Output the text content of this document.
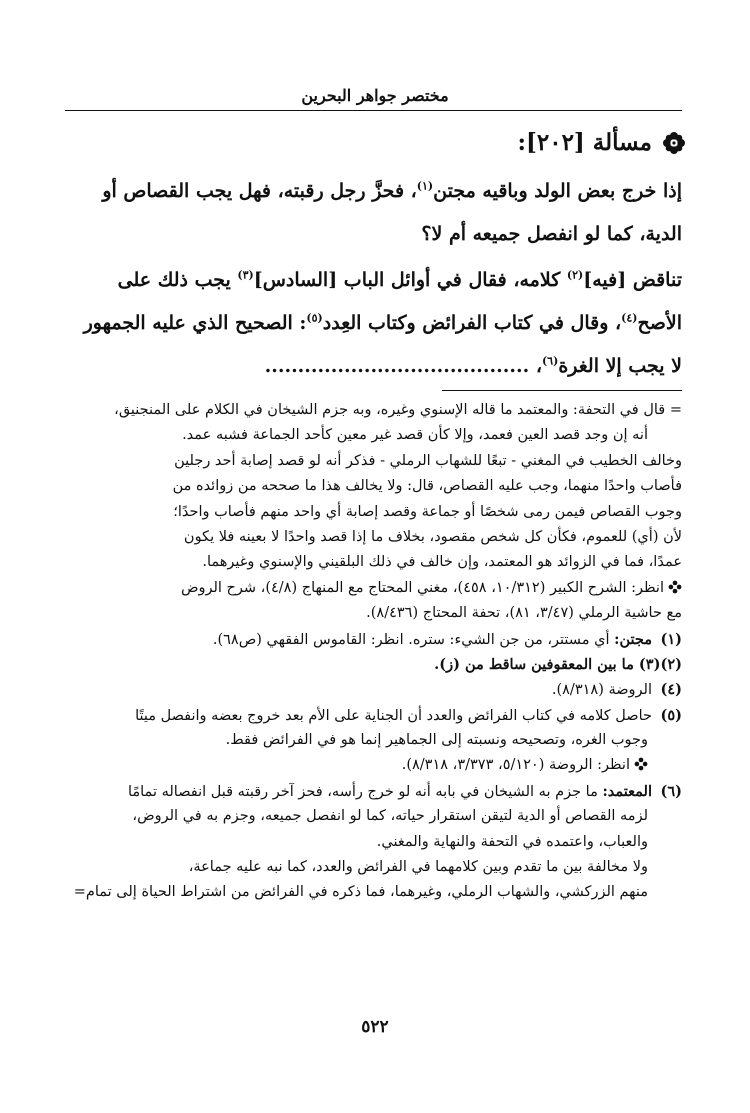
مختصر جواهر البحرين
مسألة [٢٠٢]:
إذا خرج بعض الولد وباقيه مجتن$^{(١)}$، فحزَّ رجل رقبته، فهل يجب القصاص أو
الدية، كما لو انفصل جميعه أم لا؟
تناقض [فيه]$^{(٢)}$ كلامه، فقال في أوائل الباب [السادس]$^{(٣)}$ يجب ذلك على
الأصح$^{(٤)}$، وقال في كتاب الفرائض وكتاب العِدد$^{(٥)}$: الصحيح الذي عليه الجمهور
لا يجب إلا الغرة$^{(٦)}$، ........................................
= قال في التحفة: والمعتمد ما قاله الإسنوي وغيره، وبه جزم الشيخان في الكلام على المنجنيق،
أنه إن وجد قصد العين فعمد، وإلا كأن قصد غير معين كأحد الجماعة فشبه عمد.
وخالف الخطيب في المغني - تبعًا للشهاب الرملي - فذكر أنه لو قصد إصابة أحد رجلين
فأصاب واحدًا منهما، وجب عليه القصاص، قال: ولا يخالف هذا ما صححه من زوائده من
وجوب القصاص فيمن رمى شخصًا أو جماعة وقصد إصابة أي واحد منهم فأصاب واحدًا؛
لأن (أي) للعموم، فكأن كل شخص مقصود، بخلاف ما إذا قصد واحدًا لا بعينه فلا يكون
عمدًا، فما في الزوائد هو المعتمد، وإن خالف في ذلك البلقيني والإسنوي وغيرهما.
انظر: الشرح الكبير (١٠/٣١٢، ٤٥٨)، مغني المحتاج مع المنهاج (٤/٨)، شرح الروض
مع حاشية الرملي (٣/٤٧، ٨١)، تحفة المحتاج (٨/٤٣٦).
(١)مجتن: أي مستتر، من جن الشيء: ستره. انظر: القاموس الفقهي (ص٦٨).
(٢)(٣) ما بين المعقوفين ساقط من (ز).
(٤)الروضة (٨/٣١٨).
(٥)حاصل كلامه في كتاب الفرائض والعدد أن الجناية على الأم بعد خروج بعضه وانفصل ميتًا
وجوب الغره، وتصحيحه ونسبته إلى الجماهير إنما هو في الفرائض فقط.
انظر: الروضة (٥/١٢٠، ٣/٣٧٣، ٨/٣١٨).
(٦)المعتمد: ما جزم به الشيخان في بابه أنه لو خرج رأسه، فحز آخر رقبته قبل انفصاله تمامًا
لزمه القصاص أو الدية لتيقن استقرار حياته، كما لو انفصل جميعه، وجزم به في الروض،
والعباب، واعتمده في التحفة والنهاية والمغني.
ولا مخالفة بين ما تقدم وبين كلامهما في الفرائض والعدد، كما نبه عليه جماعة،
منهم الزركشي، والشهاب الرملي، وغيرهما، فما ذكره في الفرائض من اشتراط الحياة إلى تمام=
٥٢٢
